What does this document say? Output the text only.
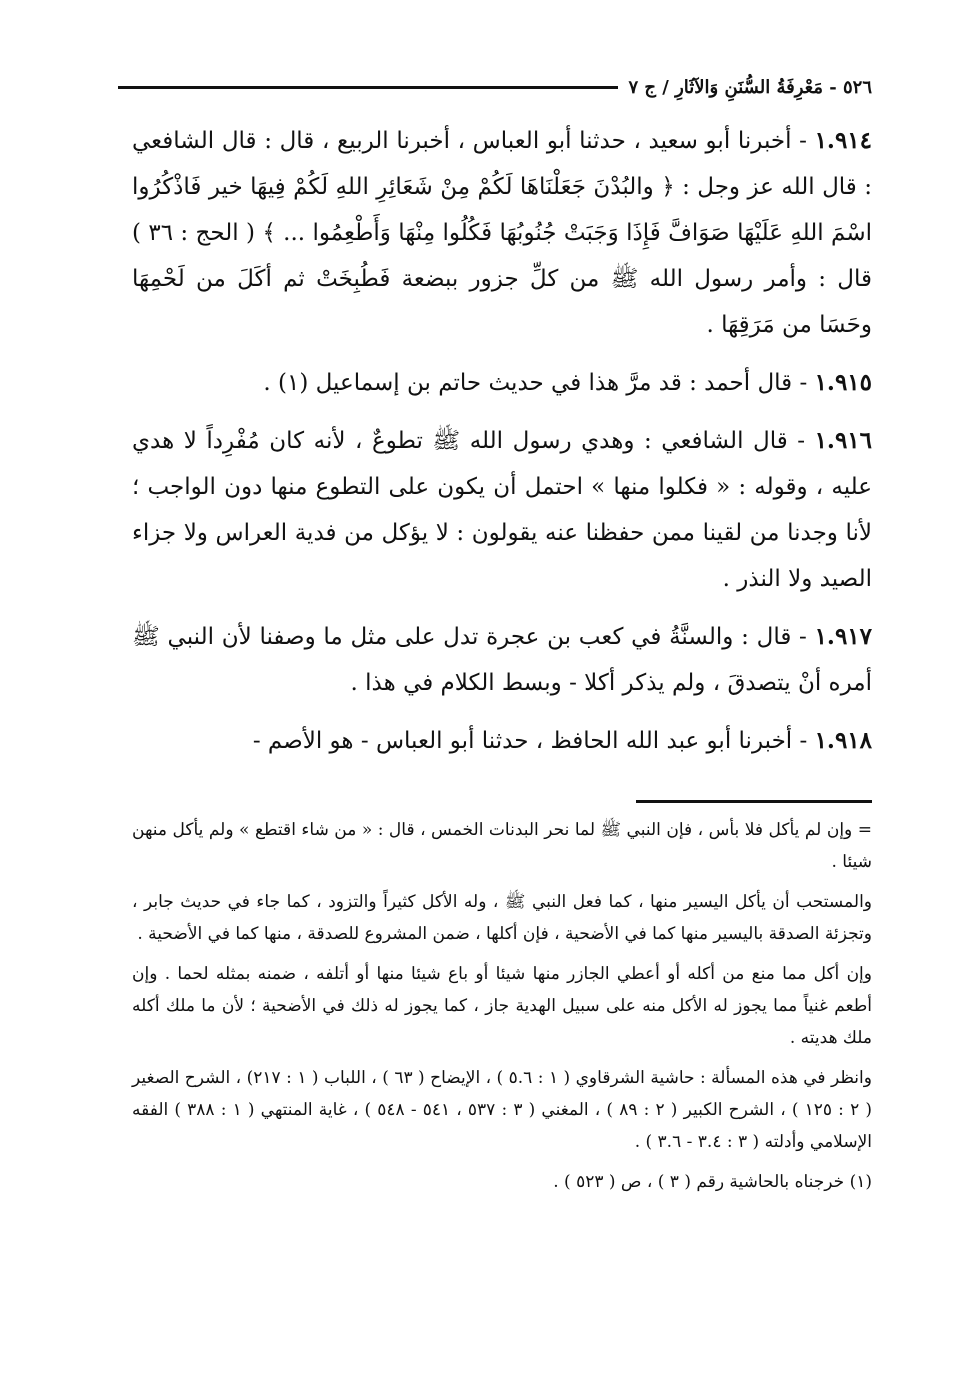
٥٢٦ - مَعْرِفَةُ السُّنَنِ وَالآثَارِ / ج ٧

١.٩١٤ - أخبرنا أبو سعيد ، حدثنا أبو العباس ، أخبرنا الربيع ، قال : قال الشافعي : قال الله عز وجل : ﴿ والبُدْنَ جَعَلْنَاهَا لَكُمْ مِنْ شَعَائِرِ اللهِ لَكُمْ فِيهَا خير فَاذْكُرُوا اسْمَ اللهِ عَلَيْهَا صَوَافَّ فَإِذَا وَجَبَتْ جُنُوبُهَا فَكُلُوا مِنْهَا وَأَطْعِمُوا ... ﴾ ( الحج : ٣٦ ) قال : وأمر رسول الله ﷺ من كلِّ جزور ببضعة فَطُبِخَتْ ثم أكَلَ من لَحْمِهَا وحَسَا من مَرَقِهَا .

١.٩١٥ - قال أحمد : قد مرَّ هذا في حديث حاتم بن إسماعيل (١) .

١.٩١٦ - قال الشافعي : وهدي رسول الله ﷺ تطوعٌ ، لأنه كان مُفْرِداً لا هدي عليه ، وقوله : « فكلوا منها » احتمل أن يكون على التطوع منها دون الواجب ؛ لأنا وجدنا من لقينا ممن حفظنا عنه يقولون : لا يؤكل من فدية العراس ولا جزاء الصيد ولا النذر .

١.٩١٧ - قال : والسنَّةُ في كعب بن عجرة تدل على مثل ما وصفنا لأن النبي ﷺ أمره أنْ يتصدقَ ، ولم يذكر أكلا - وبسط الكلام في هذا .

١.٩١٨ - أخبرنا أبو عبد الله الحافظ ، حدثنا أبو العباس - هو الأصم -

= وإن لم يأكل فلا بأس ، فإن النبي ﷺ لما نحر البدنات الخمس ، قال : « من شاء اقتطع » ولم يأكل منهن شيئا .

والمستحب أن يأكل اليسير منها ، كما فعل النبي ﷺ ، وله الأكل كثيراً والتزود ، كما جاء في حديث جابر ، وتجزئة الصدقة باليسير منها كما في الأضحية ، فإن أكلها ، ضمن المشروع للصدقة ، منها كما في الأضحية .

وإن أكل مما منع من أكله أو أعطي الجازر منها شيئا أو باع شيئا منها أو أتلفه ، ضمنه بمثله لحما . وإن أطعم غنياً مما يجوز له الأكل منه على سبيل الهدية جاز ، كما يجوز له ذلك في الأضحية ؛ لأن ما ملك أكله ملك هديته .

وانظر في هذه المسألة : حاشية الشرقاوي ( ١ : ٥.٦ ) ، الإيضاح ( ٦٣ ) ، اللباب ( ١ : ٢١٧) ، الشرح الصغير ( ٢ : ١٢٥ ) ، الشرح الكبير ( ٢ : ٨٩ ) ، المغني ( ٣ : ٥٣٧ ، ٥٤١ - ٥٤٨ ) ، غاية المنتهي ( ١ : ٣٨٨ ) الفقه الإسلامي وأدلته ( ٣ : ٣.٤ - ٣.٦ ) .

(١) خرجناه بالحاشية رقم ( ٣ ) ، ص ( ٥٢٣ ) .
